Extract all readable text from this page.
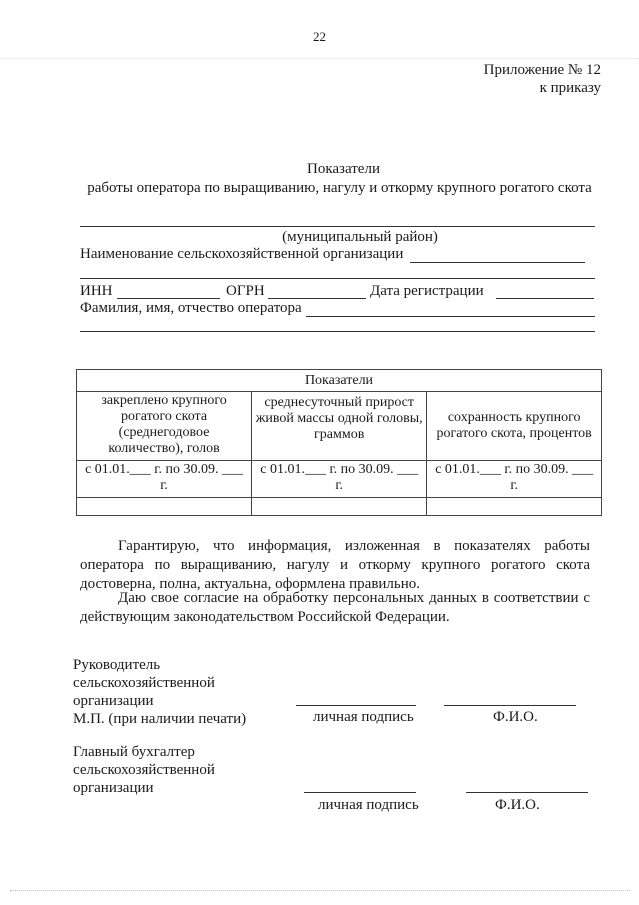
22
Приложение № 12
к приказу
Показатели
работы оператора по выращиванию, нагулу и откорму крупного рогатого скота
(муниципальный район)
Наименование сельскохозяйственной организации
ИНН	ОГРН	Дата регистрации
Фамилия, имя, отчество оператора
Показатели		
закреплено крупного рогатого скота (среднегодовое количество), голов	среднесуточный прирост живой массы одной головы, граммов	сохранность крупного рогатого скота, процентов
с 01.01.___ г. по 30.09. ___ г.	с 01.01.___ г. по 30.09. ___ г.	с 01.01.___ г. по 30.09. ___ г.

Гарантирую, что информация, изложенная в показателях работы оператора по выращиванию, нагулу и откорму крупного рогатого скота достоверна, полна, актуальна, оформлена правильно.
Даю свое согласие на обработку персональных данных в соответствии с действующим законодательством Российской Федерации.
Руководитель
сельскохозяйственной
организации
М.П. (при наличии печати)	личная подпись	Ф.И.О.
Главный бухгалтер
сельскохозяйственной
организации
личная подпись	Ф.И.О.
